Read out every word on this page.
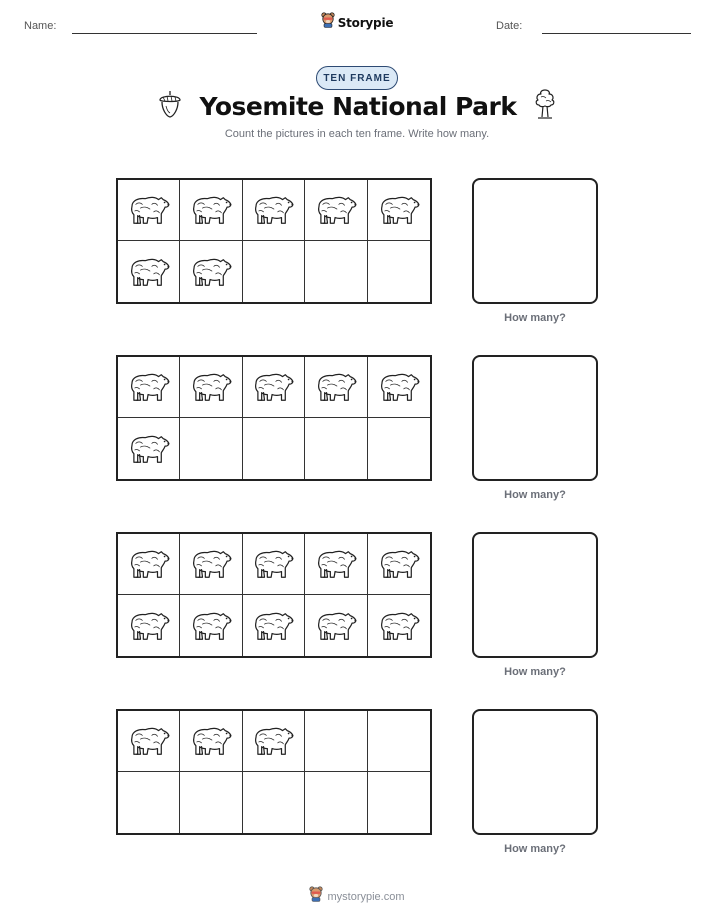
Name:	Storypie	Date:
TEN FRAME
Yosemite National Park
Count the pictures in each ten frame. Write how many.
How many?
How many?
How many?
How many?
mystorypie.com
